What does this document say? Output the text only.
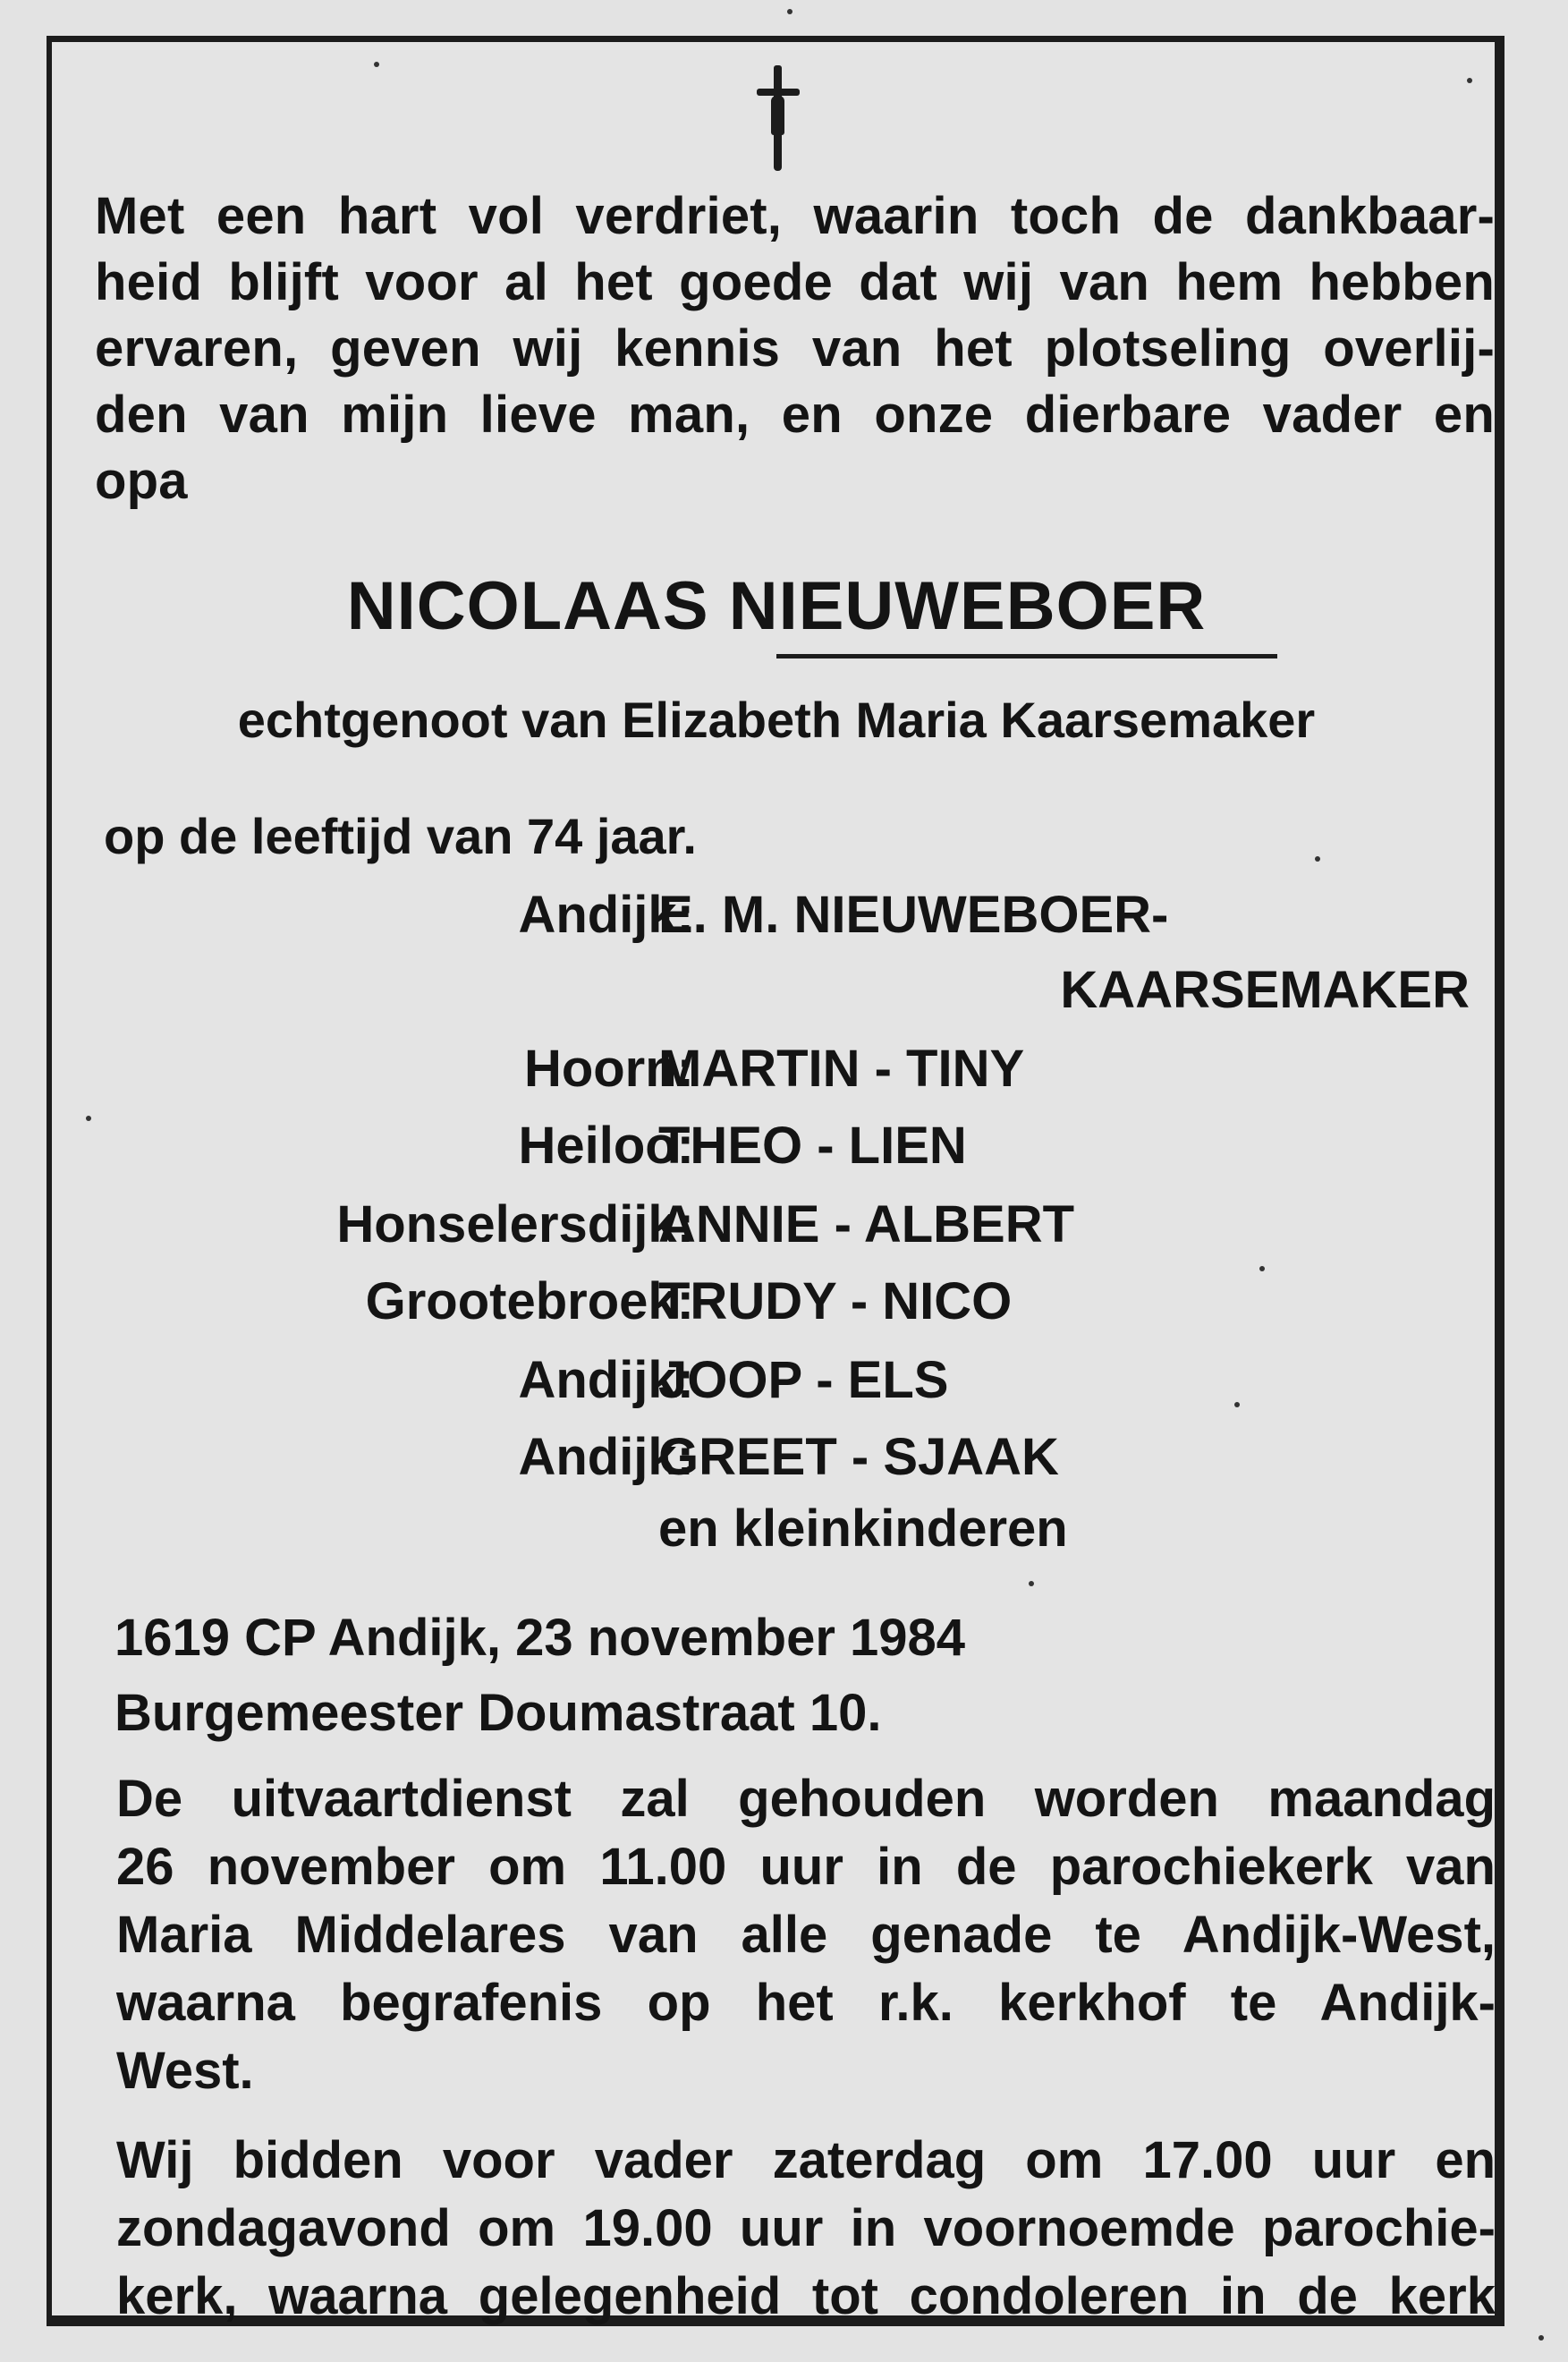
Met een hart vol verdriet, waarin toch de dankbaar-
heid blijft voor al het goede dat wij van hem hebben
ervaren, geven wij kennis van het plotseling overlij-
den van mijn lieve man, en onze dierbare vader en
opa

NICOLAAS NIEUWEBOER
echtgenoot van Elizabeth Maria Kaarsemaker
op de leeftijd van 74 jaar.
Andijk:
E. M. NIEUWEBOER-
KAARSEMAKER
Hoorn:
MARTIN - TINY
Heiloo:
THEO - LIEN
Honselersdijk:
ANNIE - ALBERT
Grootebroek:
TRUDY - NICO
Andijk:
JOOP - ELS
Andijk:
GREET - SJAAK
en kleinkinderen
1619 CP Andijk, 23 november 1984
Burgemeester Doumastraat 10.

De uitvaartdienst zal gehouden worden maandag
26 november om 11.00 uur in de parochiekerk van
Maria Middelares van alle genade te Andijk-West,
waarna begrafenis op het r.k. kerkhof te Andijk-
West.

Wij bidden voor vader zaterdag om 17.00 uur en
zondagavond om 19.00 uur in voornoemde parochie-
kerk, waarna gelegenheid tot condoleren in de kerk
